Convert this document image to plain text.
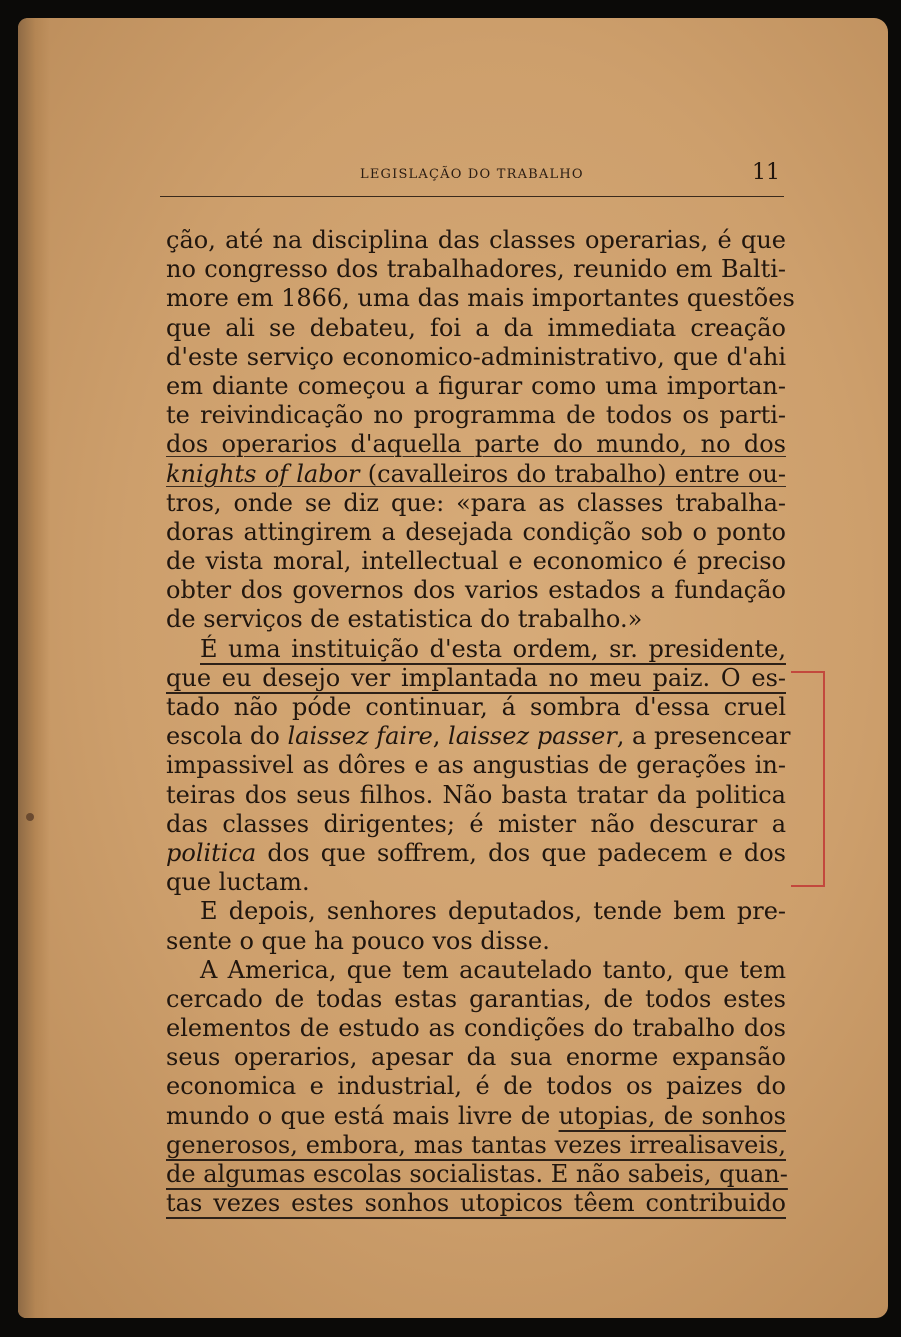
LEGISLAÇÃO DO TRABALHO	11
ção, até na disciplina das classes operarias, é que
no congresso dos trabalhadores, reunido em Balti-
more em 1866, uma das mais importantes questões
que ali se debateu, foi a da immediata creação
d'este serviço economico-administrativo, que d'ahi
em diante começou a figurar como uma importan-
te reivindicação no programma de todos os parti-
dos operarios d'aquella parte do mundo, no dos
knights of labor (cavalleiros do trabalho) entre ou-
tros, onde se diz que: «para as classes trabalha-
doras attingirem a desejada condição sob o ponto
de vista moral, intellectual e economico é preciso
obter dos governos dos varios estados a fundação
de serviços de estatistica do trabalho.»
É uma instituição d'esta ordem, sr. presidente,
que eu desejo ver implantada no meu paiz. O es-
tado não póde continuar, á sombra d'essa cruel
escola do laissez faire, laissez passer, a presencear
impassivel as dôres e as angustias de gerações in-
teiras dos seus filhos. Não basta tratar da politica
das classes dirigentes; é mister não descurar a
politica dos que soffrem, dos que padecem e dos
que luctam.
E depois, senhores deputados, tende bem pre-
sente o que ha pouco vos disse.
A America, que tem acautelado tanto, que tem
cercado de todas estas garantias, de todos estes
elementos de estudo as condições do trabalho dos
seus operarios, apesar da sua enorme expansão
economica e industrial, é de todos os paizes do
mundo o que está mais livre de utopias, de sonhos
generosos, embora, mas tantas vezes irrealisaveis,
de algumas escolas socialistas. E não sabeis, quan-
tas vezes estes sonhos utopicos têem contribuido
